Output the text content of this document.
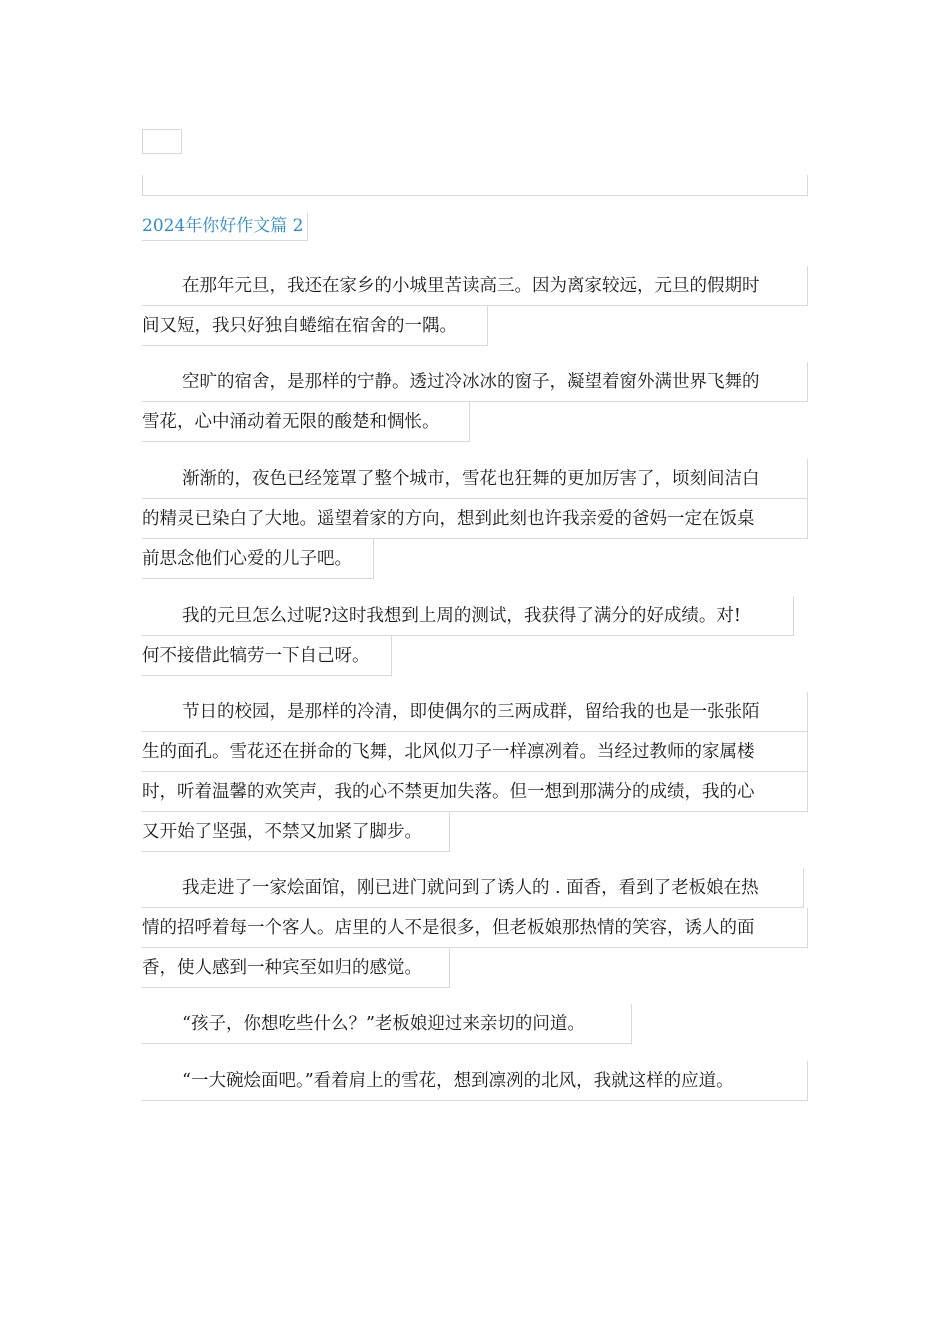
2024年你好作文篇 2
在那年元旦，我还在家乡的小城里苦读高三。因为离家较远，元旦的假期时
间又短，我只好独自蜷缩在宿舍的一隅。
空旷的宿舍，是那样的宁静。透过冷冰冰的窗子，凝望着窗外满世界飞舞的
雪花，心中涌动着无限的酸楚和惆怅。
渐渐的，夜色已经笼罩了整个城市，雪花也狂舞的更加厉害了，顷刻间洁白
的精灵已染白了大地。遥望着家的方向，想到此刻也许我亲爱的爸妈一定在饭桌
前思念他们心爱的儿子吧。
我的元旦怎么过呢?这时我想到上周的测试，我获得了满分的好成绩。对!
何不接借此犒劳一下自己呀。
节日的校园，是那样的冷清，即使偶尔的三两成群，留给我的也是一张张陌
生的面孔。雪花还在拼命的飞舞，北风似刀子一样凛冽着。当经过教师的家属楼
时，听着温馨的欢笑声，我的心不禁更加失落。但一想到那满分的成绩，我的心
又开始了坚强，不禁又加紧了脚步。
我走进了一家烩面馆，刚已进门就问到了诱人的 . 面香，看到了老板娘在热
情的招呼着每一个客人。店里的人不是很多，但老板娘那热情的笑容，诱人的面
香，使人感到一种宾至如归的感觉。
“孩子，你想吃些什么？”老板娘迎过来亲切的问道。
“一大碗烩面吧。”看着肩上的雪花，想到凛冽的北风，我就这样的应道。
